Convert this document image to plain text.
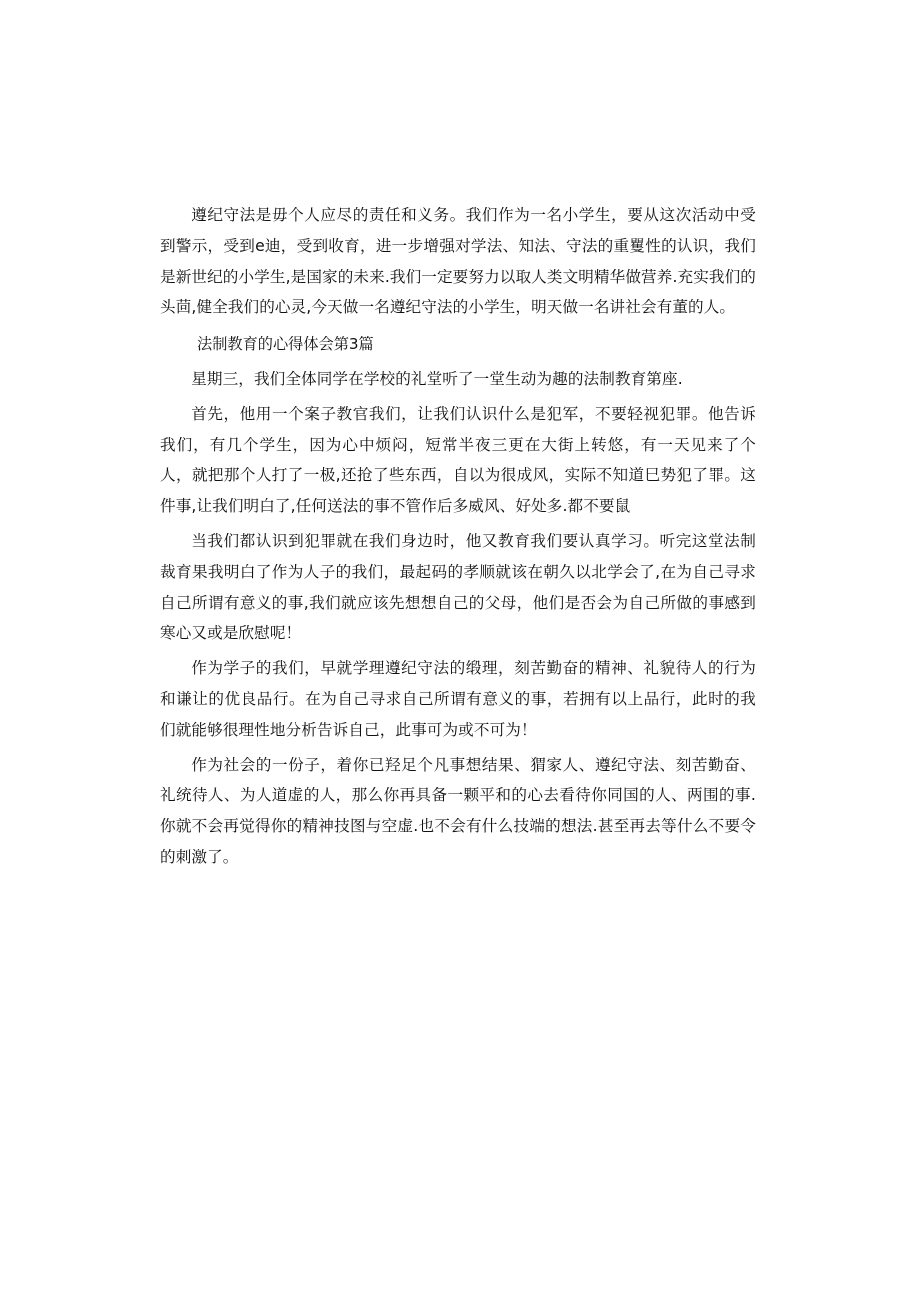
遵纪守法是毋个人应尽的责任和义务。我们作为一名小学生，要从这次活动中受到警示，受到e迪，受到收育，进一步增强对学法、知法、守法的重矍性的认识，我们是新世纪的小学生,是国家的未来.我们一定要努力以取人类文明精华做营养.充实我们的头茴,健全我们的心灵,今天做一名遵纪守法的小学生，明天做一名讲社会有董的人。

法制教育的心得体会第3篇

星期三，我们全体同学在学校的礼堂听了一堂生动为趣的法制教育第座.

首先，他用一个案子教官我们，让我们认识什么是犯军，不要轻视犯罪。他告诉我们，有几个学生，因为心中烦闷，短常半夜三更在大街上转悠，有一天见来了个人，就把那个人打了一极,还抢了些东西，自以为很成风，实际不知道巳势犯了罪。这件事,让我们明白了,任何送法的事不管作后多威风、好处多.都不要鼠

当我们都认识到犯罪就在我们身边时，他又教育我们要认真学习。听完这堂法制裁育果我明白了作为人子的我们，最起码的孝顺就该在朝久以北学会了,在为自己寻求自己所谓有意义的事,我们就应该先想想自己的父母，他们是否会为自己所做的事感到寒心又或是欣慰呢！

作为学子的我们，早就学理遵纪守法的缎理，刻苦勤奋的精神、礼貌待人的行为和谦让的优良品行。在为自己寻求自己所谓有意义的事，若拥有以上品行，此时的我们就能够很理性地分析告诉自己，此事可为或不可为！

作为社会的一份子，着你已羟足个凡事想结果、猬家人、遵纪守法、刻苦勤奋、礼统待人、为人道虚的人，那么你再具备一颗平和的心去看待你同国的人、两围的事.你就不会再觉得你的精神技图与空虚.也不会有什么技端的想法.甚至再去等什么不要令的刺激了。
